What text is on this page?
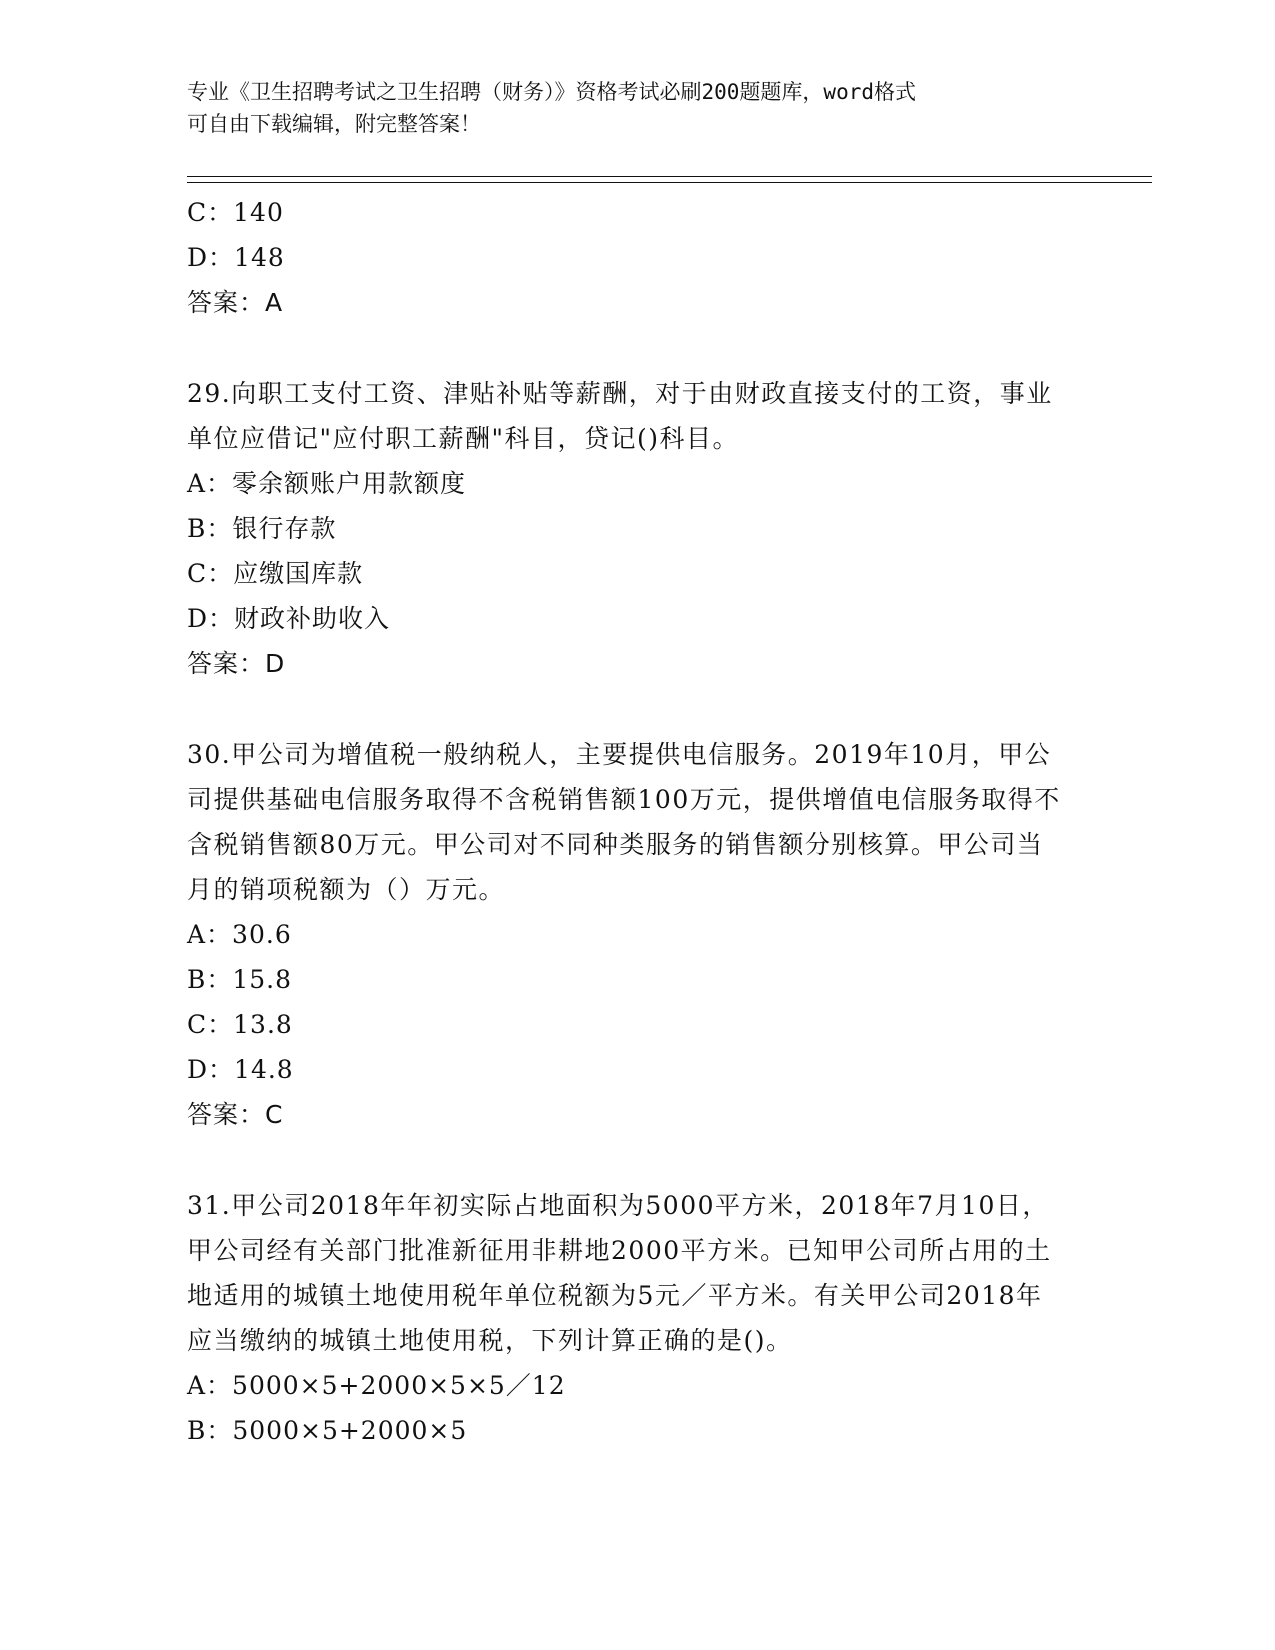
专业《卫生招聘考试之卫生招聘（财务）》资格考试必刷200题题库，word格式
可自由下载编辑，附完整答案！
C：140
D：148
答案：A
29.向职工支付工资、津贴补贴等薪酬，对于由财政直接支付的工资，事业单位应借记"应付职工薪酬"科目，贷记()科目。
A：零余额账户用款额度
B：银行存款
C：应缴国库款
D：财政补助收入
答案：D
30.甲公司为增值税一般纳税人，主要提供电信服务。2019年10月，甲公司提供基础电信服务取得不含税销售额100万元，提供增值电信服务取得不含税销售额80万元。甲公司对不同种类服务的销售额分别核算。甲公司当月的销项税额为（）万元。
A：30.6
B：15.8
C：13.8
D：14.8
答案：C
31.甲公司2018年年初实际占地面积为5000平方米，2018年7月10日，甲公司经有关部门批准新征用非耕地2000平方米。已知甲公司所占用的土地适用的城镇土地使用税年单位税额为5元／平方米。有关甲公司2018年应当缴纳的城镇土地使用税，下列计算正确的是()。
A：5000×5+2000×5×5／12
B：5000×5+2000×5
